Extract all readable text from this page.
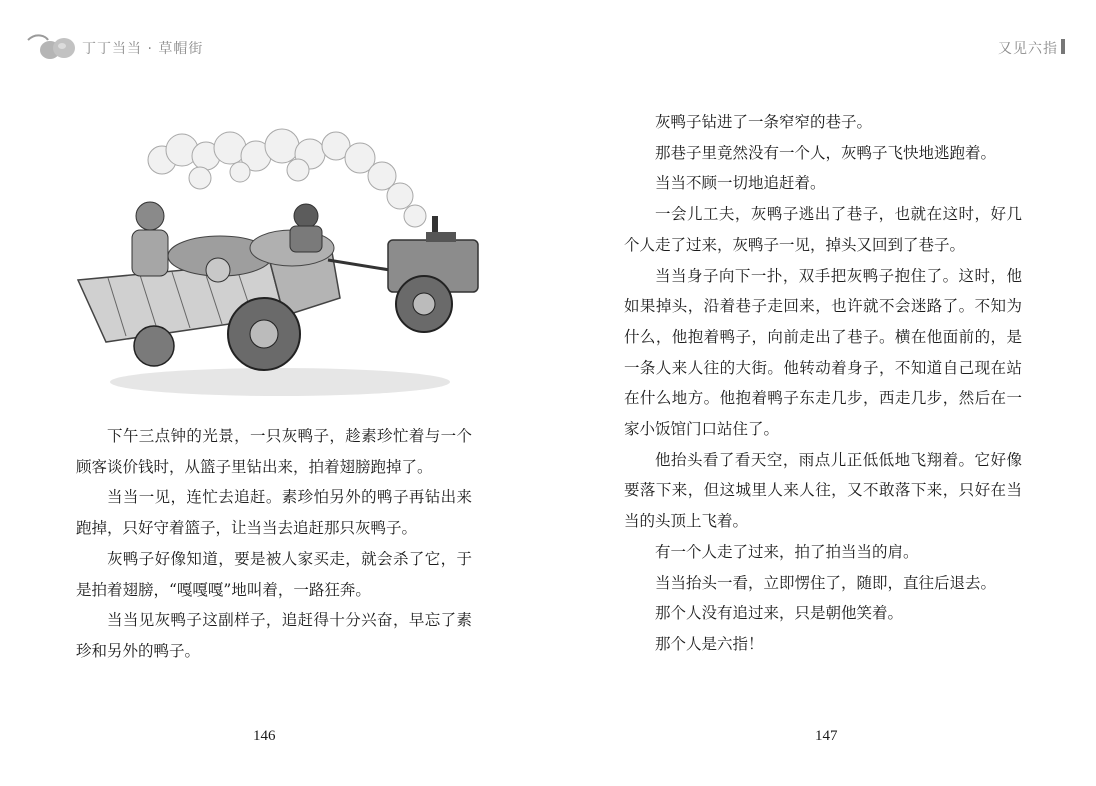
丁丁当当 · 草帽街	又见六指

下午三点钟的光景，一只灰鸭子，趁素珍忙着与一个顾客谈价钱时，从篮子里钻出来，拍着翅膀跑掉了。

当当一见，连忙去追赶。素珍怕另外的鸭子再钻出来跑掉，只好守着篮子，让当当去追赶那只灰鸭子。

灰鸭子好像知道，要是被人家买走，就会杀了它，于是拍着翅膀，“嘎嘎嘎”地叫着，一路狂奔。

当当见灰鸭子这副样子，追赶得十分兴奋，早忘了素珍和另外的鸭子。

灰鸭子钻进了一条窄窄的巷子。

那巷子里竟然没有一个人，灰鸭子飞快地逃跑着。

当当不顾一切地追赶着。

一会儿工夫，灰鸭子逃出了巷子，也就在这时，好几个人走了过来，灰鸭子一见，掉头又回到了巷子。

当当身子向下一扑，双手把灰鸭子抱住了。这时，他如果掉头，沿着巷子走回来，也许就不会迷路了。不知为什么，他抱着鸭子，向前走出了巷子。横在他面前的，是一条人来人往的大街。他转动着身子，不知道自己现在站在什么地方。他抱着鸭子东走几步，西走几步，然后在一家小饭馆门口站住了。

他抬头看了看天空，雨点儿正低低地飞翔着。它好像要落下来，但这城里人来人往，又不敢落下来，只好在当当的头顶上飞着。

有一个人走了过来，拍了拍当当的肩。

当当抬头一看，立即愣住了，随即，直往后退去。

那个人没有追过来，只是朝他笑着。

那个人是六指！

146	147
